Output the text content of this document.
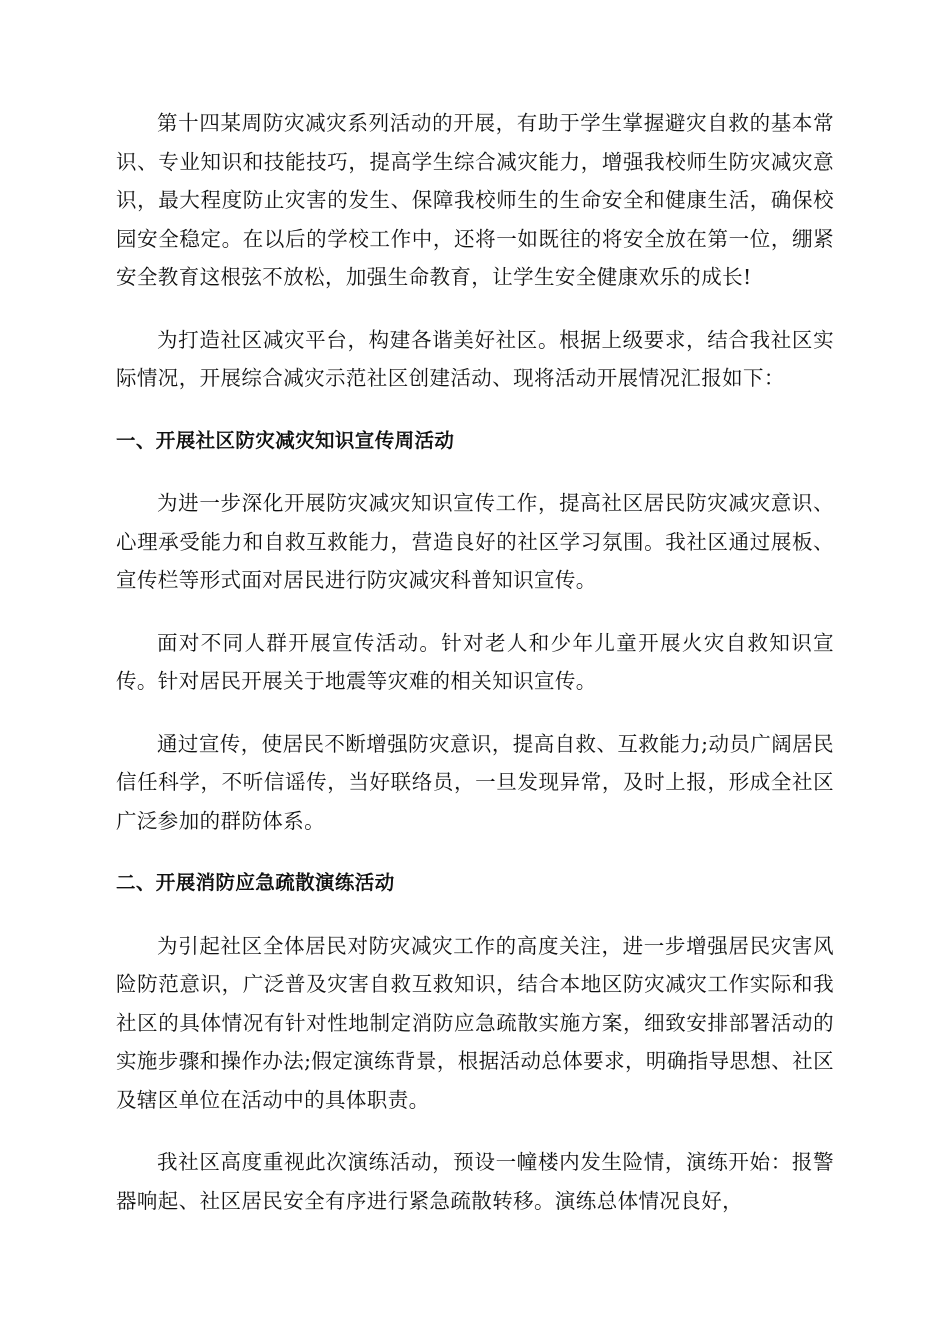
第十四某周防灾减灾系列活动的开展，有助于学生掌握避灾自救的基本常识、专业知识和技能技巧，提高学生综合减灾能力，增强我校师生防灾减灾意识，最大程度防止灾害的发生、保障我校师生的生命安全和健康生活，确保校园安全稳定。在以后的学校工作中，还将一如既往的将安全放在第一位，绷紧安全教育这根弦不放松，加强生命教育，让学生安全健康欢乐的成长!

为打造社区减灾平台，构建各谐美好社区。根据上级要求，结合我社区实际情况，开展综合减灾示范社区创建活动、现将活动开展情况汇报如下：

一、开展社区防灾减灾知识宣传周活动

为进一步深化开展防灾减灾知识宣传工作，提高社区居民防灾减灾意识、心理承受能力和自救互救能力，营造良好的社区学习氛围。我社区通过展板、宣传栏等形式面对居民进行防灾减灾科普知识宣传。

面对不同人群开展宣传活动。针对老人和少年儿童开展火灾自救知识宣传。针对居民开展关于地震等灾难的相关知识宣传。

通过宣传，使居民不断增强防灾意识，提高自救、互救能力;动员广阔居民信任科学，不听信谣传，当好联络员，一旦发现异常，及时上报，形成全社区广泛参加的群防体系。

二、开展消防应急疏散演练活动

为引起社区全体居民对防灾减灾工作的高度关注，进一步增强居民灾害风险防范意识，广泛普及灾害自救互救知识，结合本地区防灾减灾工作实际和我社区的具体情况有针对性地制定消防应急疏散实施方案，细致安排部署活动的实施步骤和操作办法;假定演练背景，根据活动总体要求，明确指导思想、社区及辖区单位在活动中的具体职责。

我社区高度重视此次演练活动，预设一幢楼内发生险情，演练开始：报警器响起、社区居民安全有序进行紧急疏散转移。演练总体情况良好，
